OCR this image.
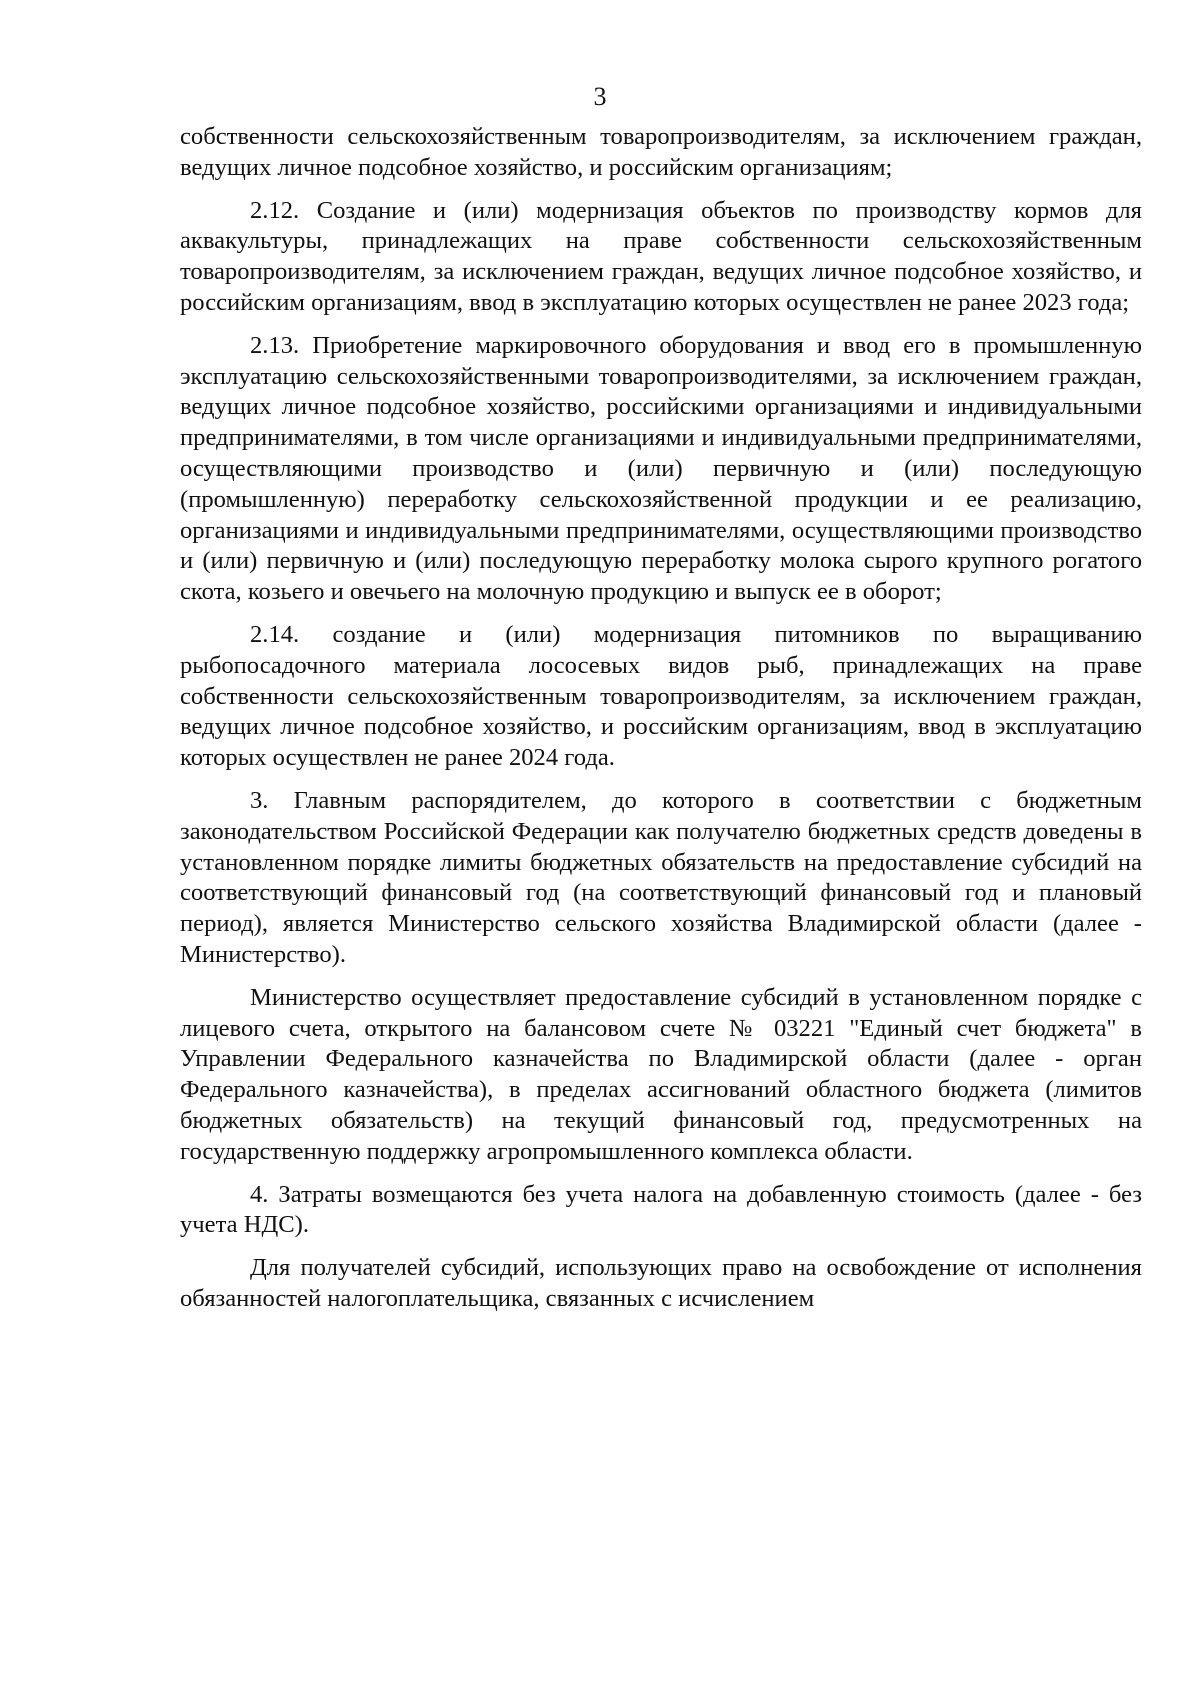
3

собственности сельскохозяйственным товаропроизводителям, за исключением граждан, ведущих личное подсобное хозяйство, и российским организациям;

2.12. Создание и (или) модернизация объектов по производству кормов для аквакультуры, принадлежащих на праве собственности сельскохозяйственным товаропроизводителям, за исключением граждан, ведущих личное подсобное хозяйство, и российским организациям, ввод в эксплуатацию которых осуществлен не ранее 2023 года;

2.13. Приобретение маркировочного оборудования и ввод его в промышленную эксплуатацию сельскохозяйственными товаропроизводителями, за исключением граждан, ведущих личное подсобное хозяйство, российскими организациями и индивидуальными предпринимателями, в том числе организациями и индивидуальными предпринимателями, осуществляющими производство и (или) первичную и (или) последующую (промышленную) переработку сельскохозяйственной продукции и ее реализацию, организациями и индивидуальными предпринимателями, осуществляющими производство и (или) первичную и (или) последующую переработку молока сырого крупного рогатого скота, козьего и овечьего на молочную продукцию и выпуск ее в оборот;

2.14. создание и (или) модернизация питомников по выращиванию рыбопосадочного материала лососевых видов рыб, принадлежащих на праве собственности сельскохозяйственным товаропроизводителям, за исключением граждан, ведущих личное подсобное хозяйство, и российским организациям, ввод в эксплуатацию которых осуществлен не ранее 2024 года.

3. Главным распорядителем, до которого в соответствии с бюджетным законодательством Российской Федерации как получателю бюджетных средств доведены в установленном порядке лимиты бюджетных обязательств на предоставление субсидий на соответствующий финансовый год (на соответствующий финансовый год и плановый период), является Министерство сельского хозяйства Владимирской области (далее - Министерство).

Министерство осуществляет предоставление субсидий в установленном порядке с лицевого счета, открытого на балансовом счете № 03221 "Единый счет бюджета" в Управлении Федерального казначейства по Владимирской области (далее - орган Федерального казначейства), в пределах ассигнований областного бюджета (лимитов бюджетных обязательств) на текущий финансовый год, предусмотренных на государственную поддержку агропромышленного комплекса области.

4. Затраты возмещаются без учета налога на добавленную стоимость (далее - без учета НДС).

Для получателей субсидий, использующих право на освобождение от исполнения обязанностей налогоплательщика, связанных с исчислением
